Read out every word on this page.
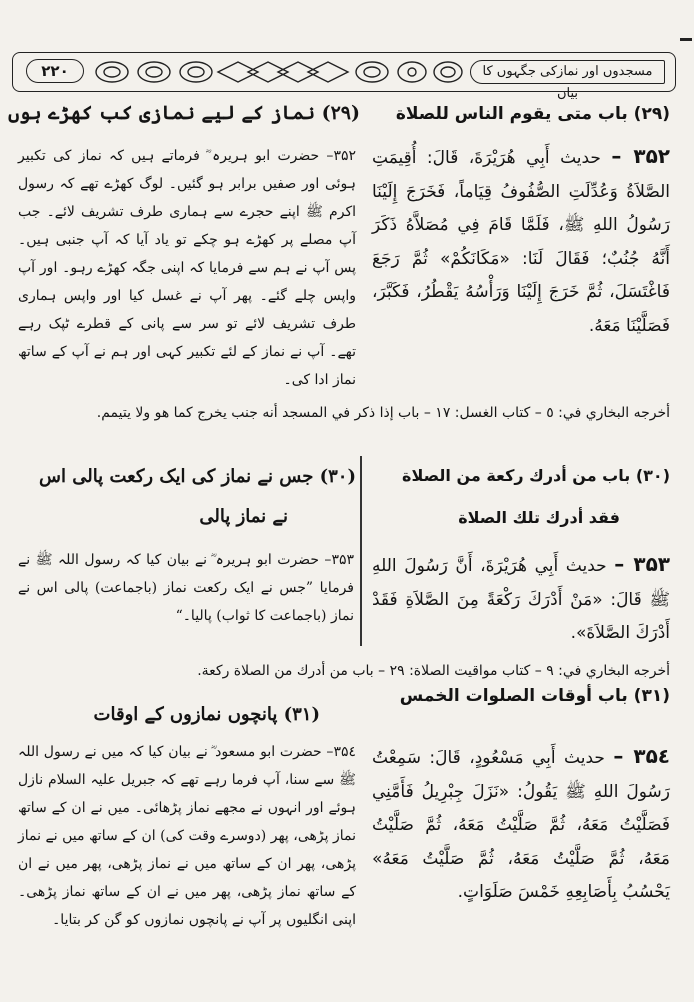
مسجدوں اور نمازکی جگہوں کا بیان
۲۲۰
(۲۹) باب متى يقوم الناس للصلاة
(۲۹) نماز کے لیے نمازی کب کھڑے ہوں
۳۵۲ – حديث أَبِي هُرَيْرَةَ، قَالَ: أُقِيمَتِ الصَّلاَةُ وَعُدِّلَتِ الصُّفُوفُ قِيَاماً، فَخَرَجَ إِلَيْنَا رَسُولُ اللهِ ﷺ، فَلَمَّا قَامَ فِي مُصَلاَّهُ ذَكَرَ أَنَّهُ جُنُبٌ؛ فَقَالَ لَنَا: «مَكَانَكُمْ» ثُمَّ رَجَعَ فَاغْتَسَلَ، ثُمَّ خَرَجَ إِلَيْنَا وَرَأْسُهُ يَقْطُرُ، فَكَبَّرَ، فَصَلَّيْنَا مَعَهُ.
۳۵۲– حضرت ابو ہریرہ ؓ فرماتے ہیں کہ نماز کی تکبیر ہوئی اور صفیں برابر ہو گئیں۔ لوگ کھڑے تھے کہ رسول اکرم ﷺ اپنے حجرے سے ہماری طرف تشریف لائے۔ جب آپ مصلے پر کھڑے ہو چکے تو یاد آیا کہ آپ جنبی ہیں۔ پس آپ نے ہم سے فرمایا کہ اپنی جگہ کھڑے رہو۔ اور آپ واپس چلے گئے۔ پھر آپ نے غسل کیا اور واپس ہماری طرف تشریف لائے تو سر سے پانی کے قطرے ٹپک رہے تھے۔ آپ نے نماز کے لئے تکبیر کہی اور ہم نے آپ کے ساتھ نماز ادا کی۔
أخرجه البخاري في: ٥ – كتاب الغسل: ١٧ – باب إذا ذكر في المسجد أنه جنب يخرج كما هو ولا يتيمم.
(۳۰) باب من أدرك ركعة من الصلاة
فقد أدرك تلك الصلاة
(۳۰) جس نے نماز کی ایک رکعت پالی اس
نے نماز پالی
۳۵۳ – حديث أَبِي هُرَيْرَةَ، أَنَّ رَسُولَ اللهِ ﷺ قَالَ: «مَنْ أَدْرَكَ رَكْعَةً مِنَ الصَّلاَةِ فَقَدْ أَدْرَكَ الصَّلاَةَ».
۳۵۳– حضرت ابو ہریرہ ؓ نے بیان کیا کہ رسول اللہ ﷺ نے فرمایا ”جس نے ایک رکعت نماز (باجماعت) پالی اس نے نماز (باجماعت کا ثواب) پالیا۔“
أخرجه البخاري في: ٩ – كتاب مواقيت الصلاة: ٢٩ – باب من أدرك من الصلاة ركعة.
(۳۱) باب أوقات الصلوات الخمس
(۳۱) پانچوں نمازوں کے اوقات
۳۵٤ – حديث أَبِي مَسْعُودٍ، قَالَ: سَمِعْتُ رَسُولَ اللهِ ﷺ يَقُولُ: «نَزَلَ جِبْرِيلُ فَأَمَّنِي فَصَلَّيْتُ مَعَهُ، ثُمَّ صَلَّيْتُ مَعَهُ، ثُمَّ صَلَّيْتُ مَعَهُ، ثُمَّ صَلَّيْتُ مَعَهُ، ثُمَّ صَلَّيْتُ مَعَهُ» يَحْسُبُ بِأَصَابِعِهِ خَمْسَ صَلَوَاتٍ.
۳۵٤– حضرت ابو مسعود ؓ نے بیان کیا کہ میں نے رسول اللہ ﷺ سے سنا، آپ فرما رہے تھے کہ جبریل علیہ السلام نازل ہوئے اور انہوں نے مجھے نماز پڑھائی۔ میں نے ان کے ساتھ نماز پڑھی، پھر (دوسرے وقت کی) ان کے ساتھ میں نے نماز پڑھی، پھر ان کے ساتھ میں نے نماز پڑھی، پھر میں نے ان کے ساتھ نماز پڑھی، پھر میں نے ان کے ساتھ نماز پڑھی۔ اپنی انگلیوں پر آپ نے پانچوں نمازوں کو گن کر بتایا۔
